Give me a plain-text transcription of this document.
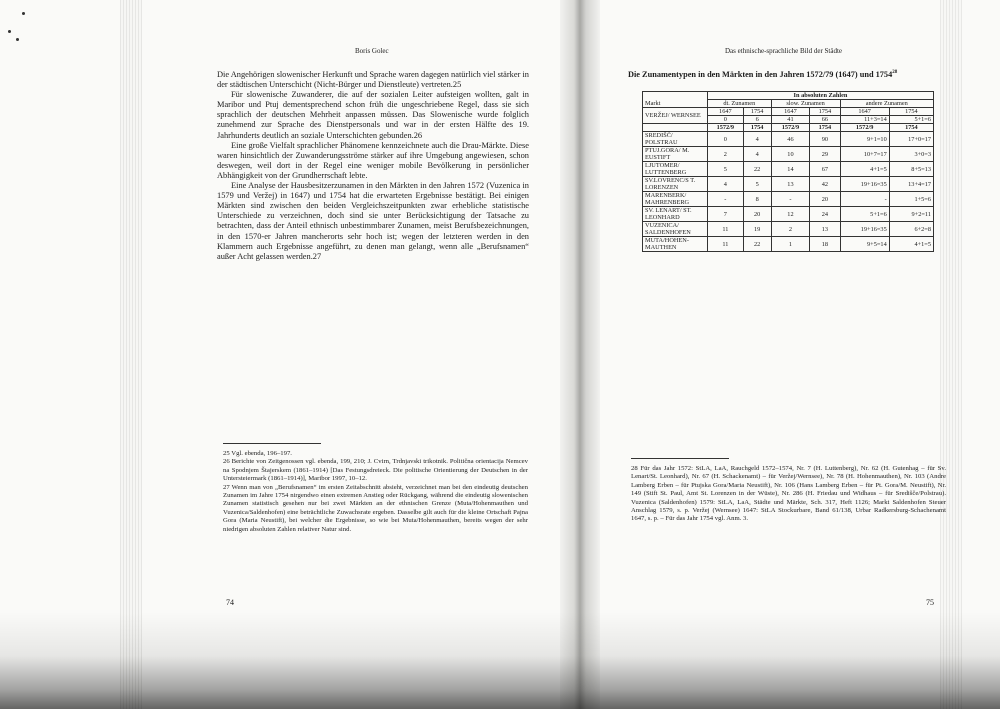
Boris Golec

Die Angehörigen slowenischer Herkunft und Sprache waren dagegen natürlich viel stärker in der städtischen Unterschicht (Nicht-Bürger und Dienstleute) vertreten.25

Für slowenische Zuwanderer, die auf der sozialen Leiter aufsteigen wollten, galt in Maribor und Ptuj dementsprechend schon früh die ungeschriebene Regel, dass sie sich sprachlich der deutschen Mehrheit anpassen müssen. Das Slowenische wurde folglich zunehmend zur Sprache des Dienstpersonals und war in der ersten Hälfte des 19. Jahrhunderts deutlich an soziale Unterschichten gebunden.26

Eine große Vielfalt sprachlicher Phänomene kennzeichnete auch die Drau-Märkte. Diese waren hinsichtlich der Zuwanderungsströme stärker auf ihre Umgebung angewiesen, schon deswegen, weil dort in der Regel eine weniger mobile Bevölkerung in persönlicher Abhängigkeit von der Grundherrschaft lebte.

Eine Analyse der Hausbesitzerzunamen in den Märkten in den Jahren 1572 (Vuzenica in 1579 und Veržej) in 1647) und 1754 hat die erwarteten Ergebnisse bestätigt. Bei einigen Märkten sind zwischen den beiden Vergleichszeitpunkten zwar erhebliche statistische Unterschiede zu verzeichnen, doch sind sie unter Berücksichtigung der Tatsache zu betrachten, dass der Anteil ethnisch unbestimmbarer Zunamen, meist Berufsbezeichnungen, in den 1570-er Jahren mancherorts sehr hoch ist; wegen der letzteren werden in den Klammern auch Ergebnisse angeführt, zu denen man gelangt, wenn alle „Berufsnamen“ außer Acht gelassen werden.27

25 Vgl. ebenda, 196–197.

26 Berichte von Zeitgenossen vgl. ebenda, 199, 210; J. Cvirn, Trdnjavski trikotnik. Politična orientacija Nemcev na Spodnjem Štajerskem (1861–1914) [Das Festungsdreieck. Die politische Orientierung der Deutschen in der Untersteiermark (1861–1914)], Maribor 1997, 10–12.

27 Wenn man von „Berufsnamen“ im ersten Zeitabschnitt absieht, verzeichnet man bei den eindeutig deutschen Zunamen im Jahre 1754 nirgendwo einen extremen Anstieg oder Rückgang, während die eindeutig slowenischen Zunamen statistisch gesehen nur bei zwei Märkten an der ethnischen Grenze (Muta/Hohenmauthen und Vuzenica/Saldenhofen) eine beträchtliche Zuwachsrate ergeben. Dasselbe gilt auch für die kleine Ortschaft Pajna Gora (Maria Neustift), bei welcher die Ergebnisse, so wie bei Muta/Hohenmauthen, bereits wegen der sehr niedrigen absoluten Zahlen relativer Natur sind.

74
Das ethnische-sprachliche Bild der Städte
Die Zunamentypen in den Märkten in den Jahren 1572/79 (1647) und 1754$^{28}$
	In absoluten Zahlen					
Markt	dt. Zunamen		slow. Zunamen		andere Zunamen	
VERŽEJ/ WERNSEE	1647	1754	1647	1754	1647	1754
	0	6	41	66	11+3=14	5+1=6
	1572/9	1754	1572/9	1754	1572/9	1754
SREDIŠČ/ POLSTRAU	0	4	46	90	9+1=10	17+0=17
PTUJ.GORA/ M. EUSTIFT	2	4	10	29	10+7=17	3+0=3
LJUTOMER/ LUTTENBERG	5	22	14	67	4+1=5	8+5=13
SV.LOVRENC/S T. LORENZEN	4	5	13	42	19+16=35	13+4=17
MARENBERK/ MAHRENBERG	-	8	-	20	-	1+5=6
SV. LENART/ ST. LEONHARD	7	20	12	24	5+1=6	9+2=11
VUZENICA/ SALDENHOFEN	11	19	2	13	19+16=35	6+2=8
MUTA/HOHEN- MAUTHEN	11	22	1	18	9+5=14	4+1=5

28 Für das Jahr 1572: StLA, LaA, Rauchgeld 1572–1574, Nr. 7 (H. Luttenberg), Nr. 62 (H. Gutenhag – für Sv. Lenart/St. Leonhard), Nr. 67 (H. Schackenamt) – für Veržej/Wernsee), Nr. 78 (H. Hohenmauthen), Nr. 103 (Andre Lamberg Erben – für Ptujska Gora/Maria Neustift), Nr. 106 (Hans Lamberg Erben – für Pt. Gora/M. Neustift), Nr. 149 (Stift St. Paul, Amt St. Lorenzen in der Wüste), Nr. 286 (H. Friedau und Widhaus – für Središče/Polstrau). Vuzenica (Saldenhofen) 1579: StLA, LaA, Städte und Märkte, Sch. 317, Heft 1126; Markt Saldenhofen Steuer Anschlag 1579, s. p. Veržej (Wernsee) 1647: StLA Stockurbare, Band 61/138, Urbar Radkersburg-Schachenamt 1647, s. p. – Für das Jahr 1754 vgl. Anm. 3.

75
